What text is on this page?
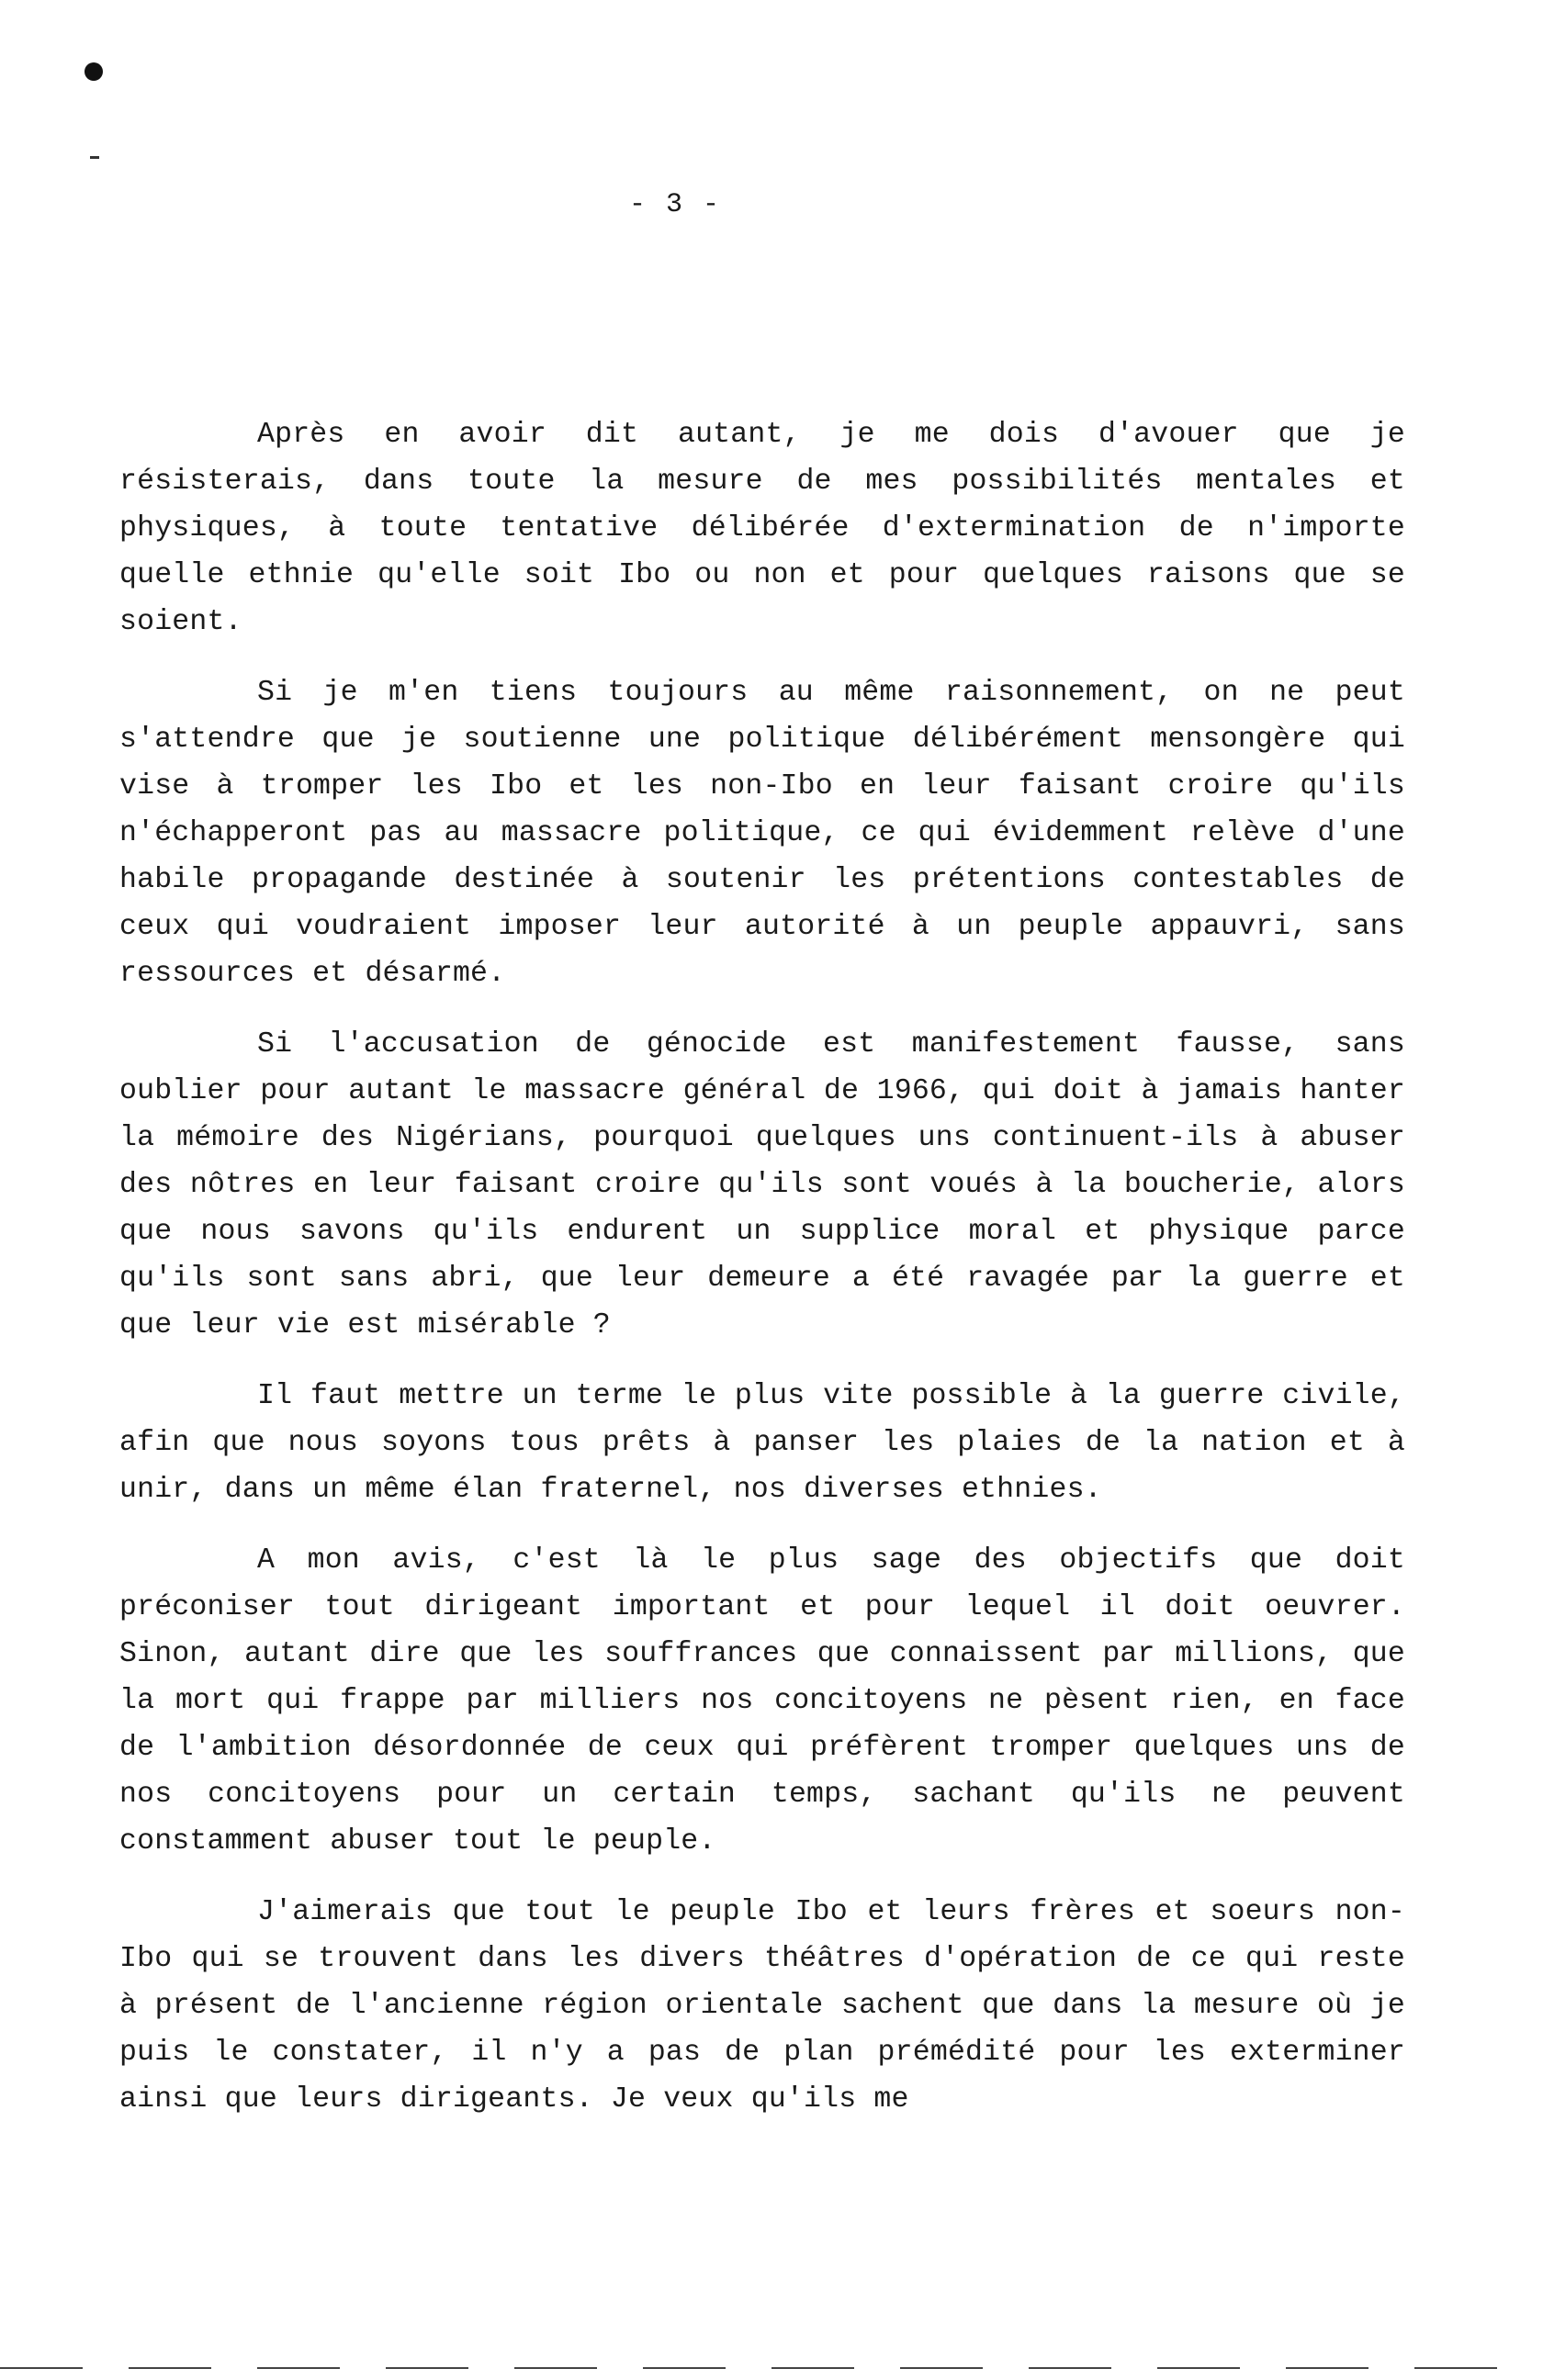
- 3 -

Après en avoir dit autant, je me dois d'avouer que je résisterais, dans toute la mesure de mes possibilités mentales et physiques, à toute tentative délibérée d'extermination de n'importe quelle ethnie qu'elle soit Ibo ou non et pour quelques raisons que se soient.

Si je m'en tiens toujours au même raisonnement, on ne peut s'attendre que je soutienne une politique délibérément mensongère qui vise à tromper les Ibo et les non-Ibo en leur faisant croire qu'ils n'échapperont pas au massacre politique, ce qui évidemment relève d'une habile propagande destinée à soutenir les prétentions contestables de ceux qui voudraient imposer leur autorité à un peuple appauvri, sans ressources et désarmé.

Si l'accusation de génocide est manifestement fausse, sans oublier pour autant le massacre général de 1966, qui doit à jamais hanter la mémoire des Nigérians, pourquoi quelques uns continuent-ils à abuser des nôtres en leur faisant croire qu'ils sont voués à la boucherie, alors que nous savons qu'ils endurent un supplice moral et physique parce qu'ils sont sans abri, que leur demeure a été ravagée par la guerre et que leur vie est misérable ?

Il faut mettre un terme le plus vite possible à la guerre civile, afin que nous soyons tous prêts à panser les plaies de la nation et à unir, dans un même élan fraternel, nos diverses ethnies.

A mon avis, c'est là le plus sage des objectifs que doit préconiser tout dirigeant important et pour lequel il doit oeuvrer. Sinon, autant dire que les souffrances que connaissent par millions, que la mort qui frappe par milliers nos concitoyens ne pèsent rien, en face de l'ambition désordonnée de ceux qui préfèrent tromper quelques uns de nos concitoyens pour un certain temps, sachant qu'ils ne peuvent constamment abuser tout le peuple.

J'aimerais que tout le peuple Ibo et leurs frères et soeurs non-Ibo qui se trouvent dans les divers théâtres d'opération de ce qui reste à présent de l'ancienne région orientale sachent que dans la mesure où je puis le constater, il n'y a pas de plan prémédité pour les exterminer ainsi que leurs dirigeants. Je veux qu'ils me
